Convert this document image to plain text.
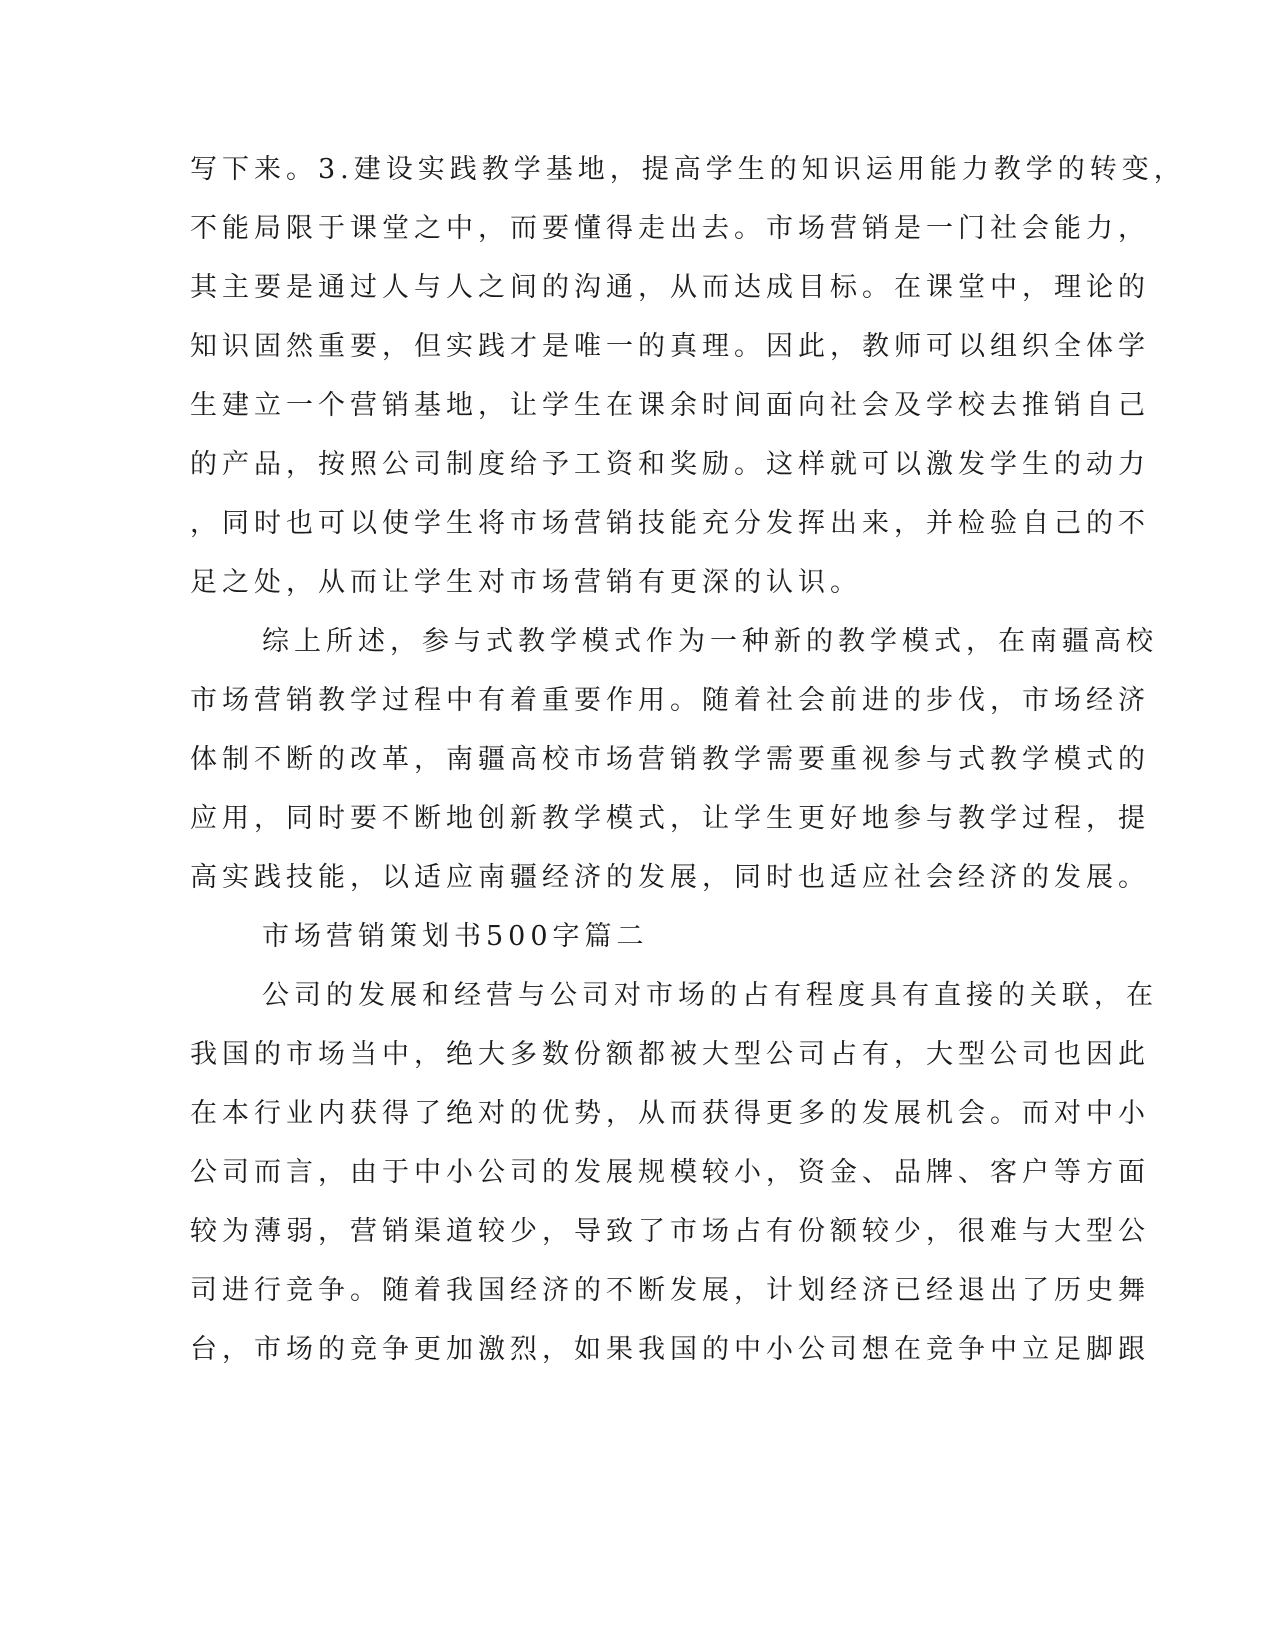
写下来。3.建设实践教学基地，提高学生的知识运用能力教学的转变，

不能局限于课堂之中，而要懂得走出去。市场营销是一门社会能力，

其主要是通过人与人之间的沟通，从而达成目标。在课堂中，理论的

知识固然重要，但实践才是唯一的真理。因此，教师可以组织全体学

生建立一个营销基地，让学生在课余时间面向社会及学校去推销自己

的产品，按照公司制度给予工资和奖励。这样就可以激发学生的动力

，同时也可以使学生将市场营销技能充分发挥出来，并检验自己的不

足之处，从而让学生对市场营销有更深的认识。

综上所述，参与式教学模式作为一种新的教学模式，在南疆高校

市场营销教学过程中有着重要作用。随着社会前进的步伐，市场经济

体制不断的改革，南疆高校市场营销教学需要重视参与式教学模式的

应用，同时要不断地创新教学模式，让学生更好地参与教学过程，提

高实践技能，以适应南疆经济的发展，同时也适应社会经济的发展。

市场营销策划书500字篇二

公司的发展和经营与公司对市场的占有程度具有直接的关联，在

我国的市场当中，绝大多数份额都被大型公司占有，大型公司也因此

在本行业内获得了绝对的优势，从而获得更多的发展机会。而对中小

公司而言，由于中小公司的发展规模较小，资金、品牌、客户等方面

较为薄弱，营销渠道较少，导致了市场占有份额较少，很难与大型公

司进行竞争。随着我国经济的不断发展，计划经济已经退出了历史舞

台，市场的竞争更加激烈，如果我国的中小公司想在竞争中立足脚跟
